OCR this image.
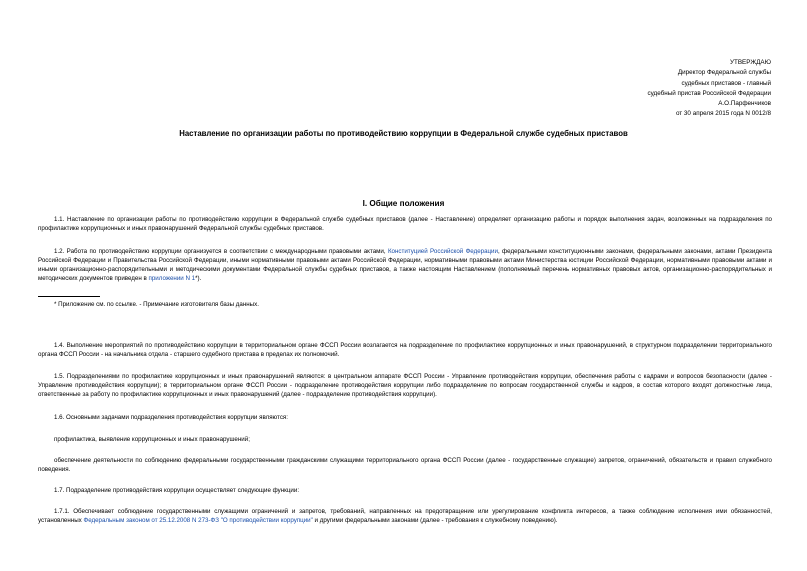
УТВЕРЖДАЮ
Директор Федеральной службы
судебных приставов - главный
судебный пристав Российской Федерации
А.О.Парфенчиков
от 30 апреля 2015 года N 0012/8
Наставление по организации работы по противодействию коррупции в Федеральной службе судебных приставов
I. Общие положения

1.1. Наставление по организации работы по противодействию коррупции в Федеральной службе судебных приставов (далее - Наставление) определяет организацию работы и порядок выполнения задач, возложенных на подразделения по профилактике коррупционных и иных правонарушений Федеральной службы судебных приставов.

1.2. Работа по противодействию коррупции организуется в соответствии с международными правовыми актами, Конституцией Российской Федерации, федеральными конституционными законами, федеральными законами, актами Президента Российской Федерации и Правительства Российской Федерации, иными нормативными правовыми актами Российской Федерации, нормативными правовыми актами Министерства юстиции Российской Федерации, нормативными правовыми актами и иными организационно-распорядительными и методическими документами Федеральной службы судебных приставов, а также настоящим Наставлением (пополняемый перечень нормативных правовых актов, организационно-распорядительных и методических документов приведен в приложении N 1*).

* Приложение см. по ссылке. - Примечание изготовителя базы данных.

1.4. Выполнение мероприятий по противодействию коррупции в территориальном органе ФССП России возлагается на подразделение по профилактике коррупционных и иных правонарушений, в структурном подразделении территориального органа ФССП России - на начальника отдела - старшего судебного пристава в пределах их полномочий.

1.5. Подразделениями по профилактике коррупционных и иных правонарушений являются: в центральном аппарате ФССП России - Управление противодействия коррупции, обеспечения работы с кадрами и вопросов безопасности (далее - Управление противодействия коррупции); в территориальном органе ФССП России - подразделение противодействия коррупции либо подразделение по вопросам государственной службы и кадров, в состав которого входят должностные лица, ответственные за работу по профилактике коррупционных и иных правонарушений (далее - подразделение противодействия коррупции).

1.6. Основными задачами подразделения противодействия коррупции являются:

профилактика, выявление коррупционных и иных правонарушений;

обеспечение деятельности по соблюдению федеральными государственными гражданскими служащими территориального органа ФССП России (далее - государственные служащие) запретов, ограничений, обязательств и правил служебного поведения.

1.7. Подразделение противодействия коррупции осуществляет следующие функции:

1.7.1. Обеспечивает соблюдение государственными служащими ограничений и запретов, требований, направленных на предотвращение или урегулирование конфликта интересов, а также соблюдение исполнения ими обязанностей, установленных Федеральным законом от 25.12.2008 N 273-ФЗ "О противодействии коррупции" и другими федеральными законами (далее - требования к служебному поведению).
